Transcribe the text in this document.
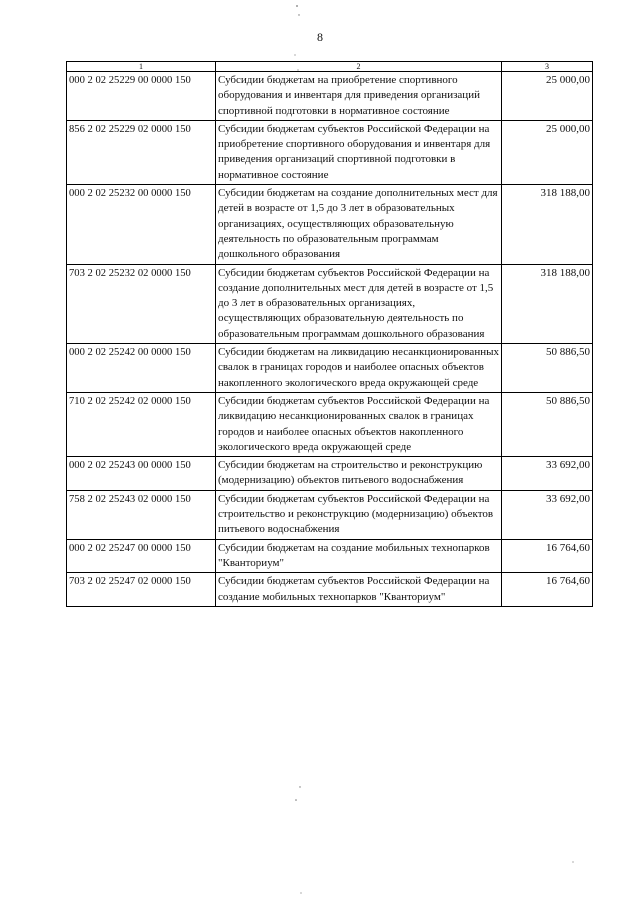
8
1	2	3
000 2 02 25229 00 0000 150	Субсидии бюджетам на приобретение спортивного оборудования и инвентаря для приведения организаций спортивной подготовки в нормативное состояние	25 000,00
856 2 02 25229 02 0000 150	Субсидии бюджетам субъектов Российской Федерации на приобретение спортивного оборудования и инвентаря для приведения организаций спортивной подготовки в нормативное состояние	25 000,00
000 2 02 25232 00 0000 150	Субсидии бюджетам на создание дополнительных мест для детей в возрасте от 1,5 до 3 лет в образовательных организациях, осуществляющих образовательную деятельность по образовательным программам дошкольного образования	318 188,00
703 2 02 25232 02 0000 150	Субсидии бюджетам субъектов Российской Федерации на создание дополнительных мест для детей в возрасте от 1,5 до 3 лет в образовательных организациях, осуществляющих образовательную деятельность по образовательным программам дошкольного образования	318 188,00
000 2 02 25242 00 0000 150	Субсидии бюджетам на ликвидацию несанкционированных свалок в границах городов и наиболее опасных объектов накопленного экологического вреда окружающей среде	50 886,50
710 2 02 25242 02 0000 150	Субсидии бюджетам субъектов Российской Федерации на ликвидацию несанкционированных свалок в границах городов и наиболее опасных объектов накопленного экологического вреда окружающей среде	50 886,50
000 2 02 25243 00 0000 150	Субсидии бюджетам на строительство и реконструкцию (модернизацию) объектов питьевого водоснабжения	33 692,00
758 2 02 25243 02 0000 150	Субсидии бюджетам субъектов Российской Федерации на строительство и реконструкцию (модернизацию) объектов питьевого водоснабжения	33 692,00
000 2 02 25247 00 0000 150	Субсидии бюджетам на создание мобильных технопарков "Кванториум"	16 764,60
703 2 02 25247 02 0000 150	Субсидии бюджетам субъектов Российской Федерации на создание мобильных технопарков "Кванториум"	16 764,60
